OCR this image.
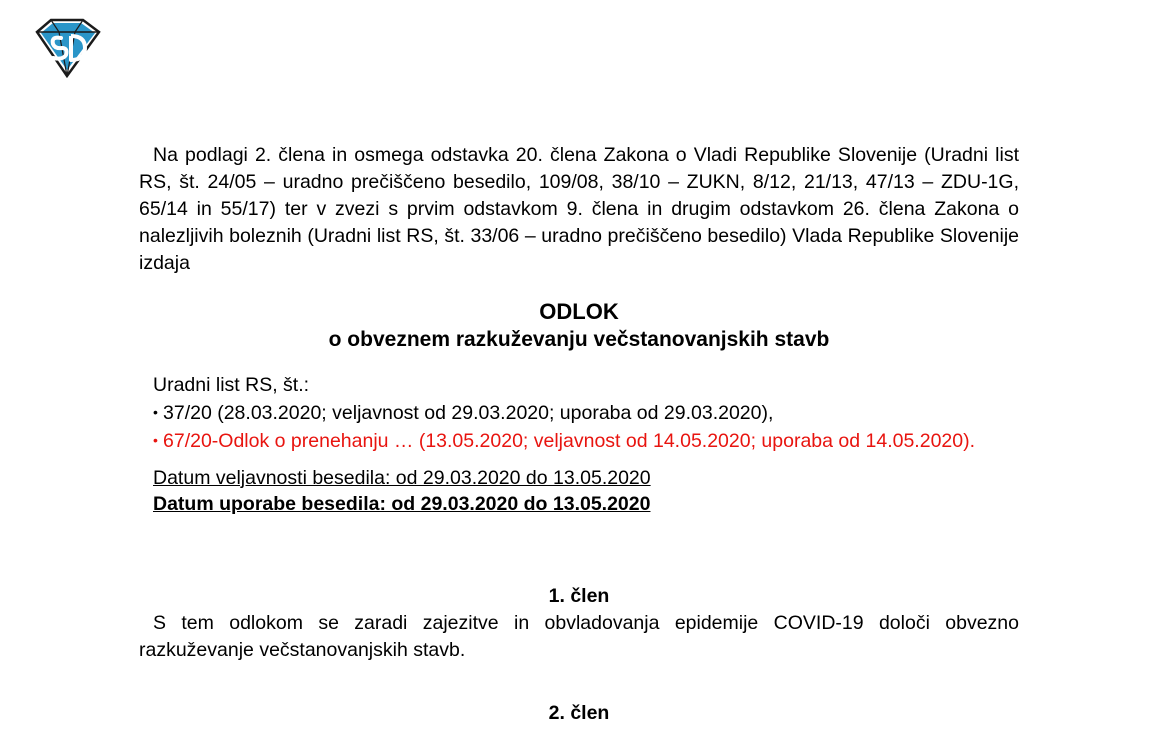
Na podlagi 2. člena in osmega odstavka 20. člena Zakona o Vladi Republike Slovenije (Uradni list RS, št. 24/05 – uradno prečiščeno besedilo, 109/08, 38/10 – ZUKN, 8/12, 21/13, 47/13 – ZDU-1G, 65/14 in 55/17) ter v zvezi s prvim odstavkom 9. člena in drugim odstavkom 26. člena Zakona o nalezljivih boleznih (Uradni list RS, št. 33/06 – uradno prečiščeno besedilo) Vlada Republike Slovenije izdaja

ODLOK

o obveznem razkuževanju večstanovanjskih stavb

Uradni list RS, št.:
• 37/20 (28.03.2020; veljavnost od 29.03.2020; uporaba od 29.03.2020),
• 67/20-Odlok o prenehanju … (13.05.2020; veljavnost od 14.05.2020; uporaba od 14.05.2020).
Datum veljavnosti besedila: od 29.03.2020 do 13.05.2020
Datum uporabe besedila: od 29.03.2020 do 13.05.2020

1. člen

S tem odlokom se zaradi zajezitve in obvladovanja epidemije COVID-19 določi obvezno razkuževanje večstanovanjskih stavb.

2. člen
